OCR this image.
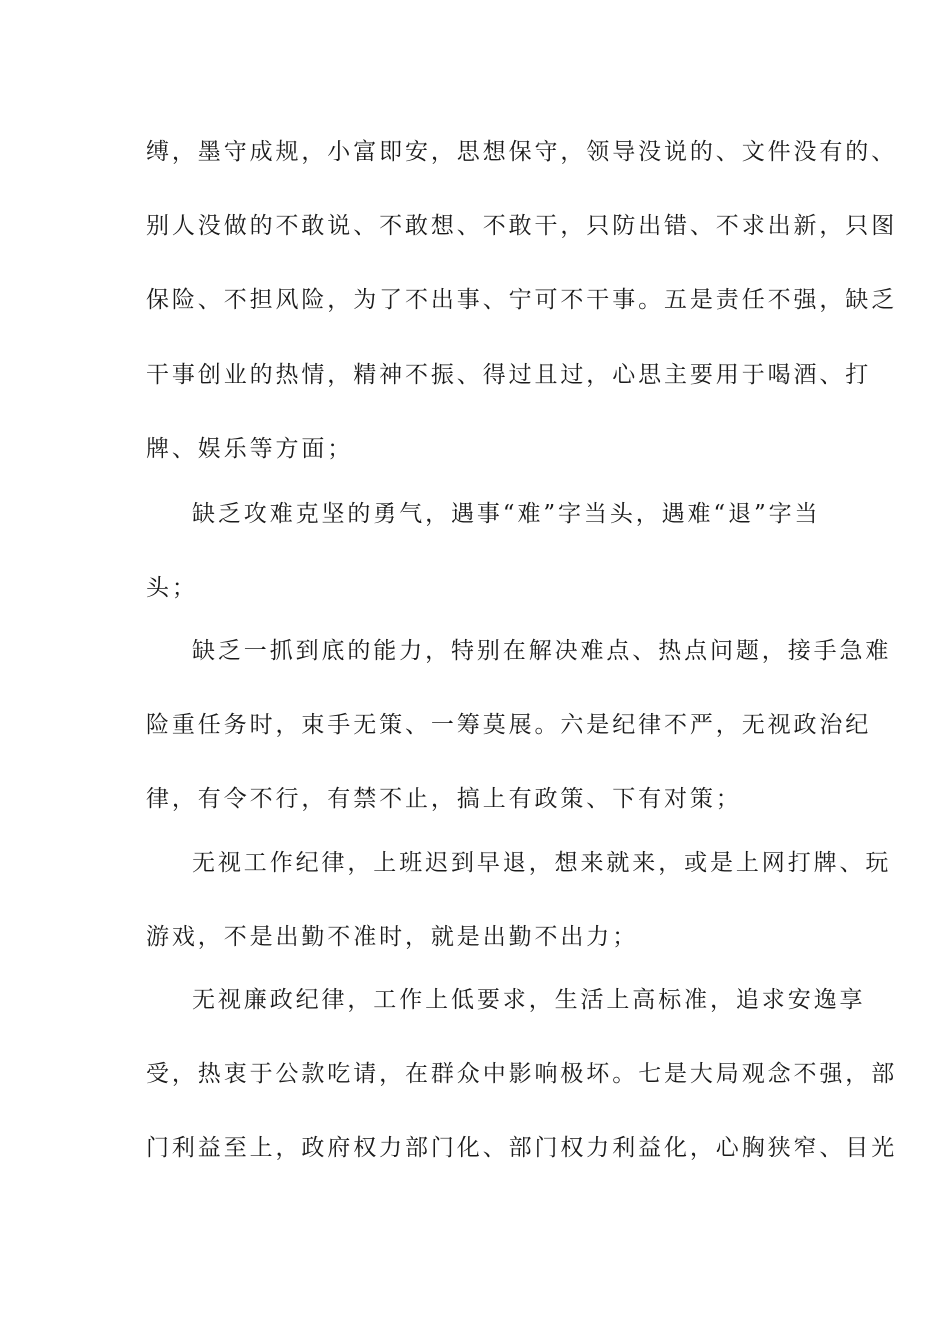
缚，墨守成规，小富即安，思想保守，领导没说的、文件没有的、
别人没做的不敢说、不敢想、不敢干，只防出错、不求出新，只图
保险、不担风险，为了不出事、宁可不干事。五是责任不强，缺乏
干事创业的热情，精神不振、得过且过，心思主要用于喝酒、打
牌、娱乐等方面；
缺乏攻难克坚的勇气，遇事“难”字当头，遇难“退”字当
头；
缺乏一抓到底的能力，特别在解决难点、热点问题，接手急难
险重任务时，束手无策、一筹莫展。六是纪律不严，无视政治纪
律，有令不行，有禁不止，搞上有政策、下有对策；
无视工作纪律，上班迟到早退，想来就来，或是上网打牌、玩
游戏，不是出勤不准时，就是出勤不出力；
无视廉政纪律，工作上低要求，生活上高标准，追求安逸享
受，热衷于公款吃请，在群众中影响极坏。七是大局观念不强，部
门利益至上，政府权力部门化、部门权力利益化，心胸狭窄、目光
